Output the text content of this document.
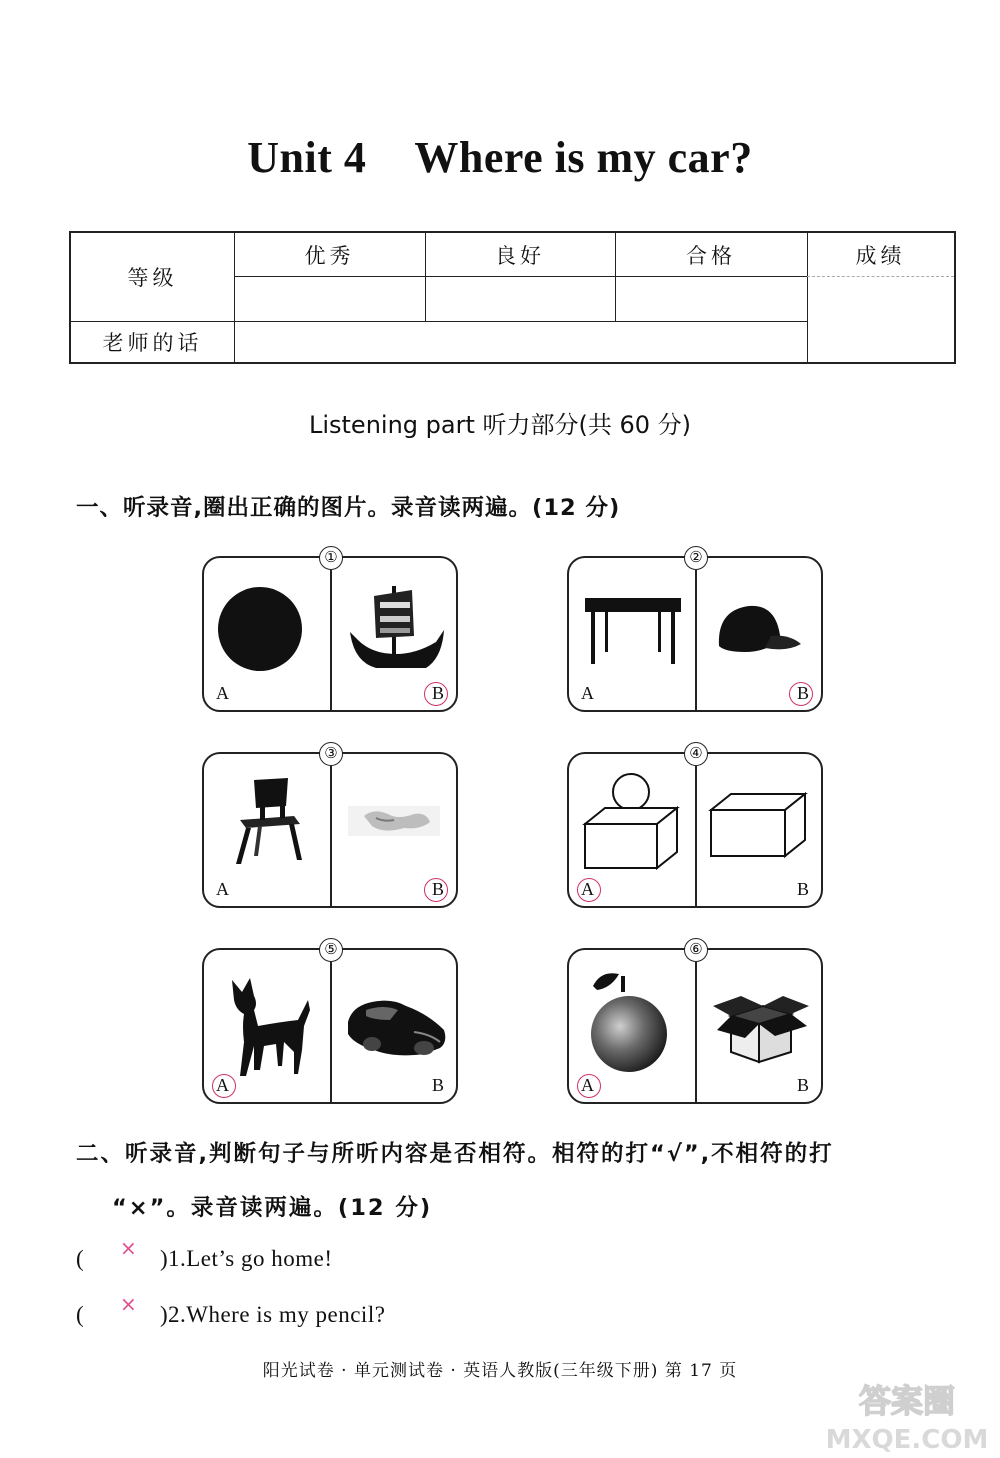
Unit 4 Where is my car?
等级
优秀	良好	合格	成绩
老师的话
Listening part 听力部分(共 60 分)
一、听录音,圈出正确的图片。录音读两遍。(12 分)
①
A	B
②
A	B
③
A	B
④
A	B
⑤
A	B
⑥
A	B
二、听录音,判断句子与所听内容是否相符。相符的打“√”,不相符的打
“×”。录音读两遍。(12 分)
( × ) 1.Let’s go home!
( × ) 2.Where is my pencil?
阳光试卷 · 单元测试卷 · 英语人教版(三年级下册) 第 17 页
答案圈
MXQE.COM
